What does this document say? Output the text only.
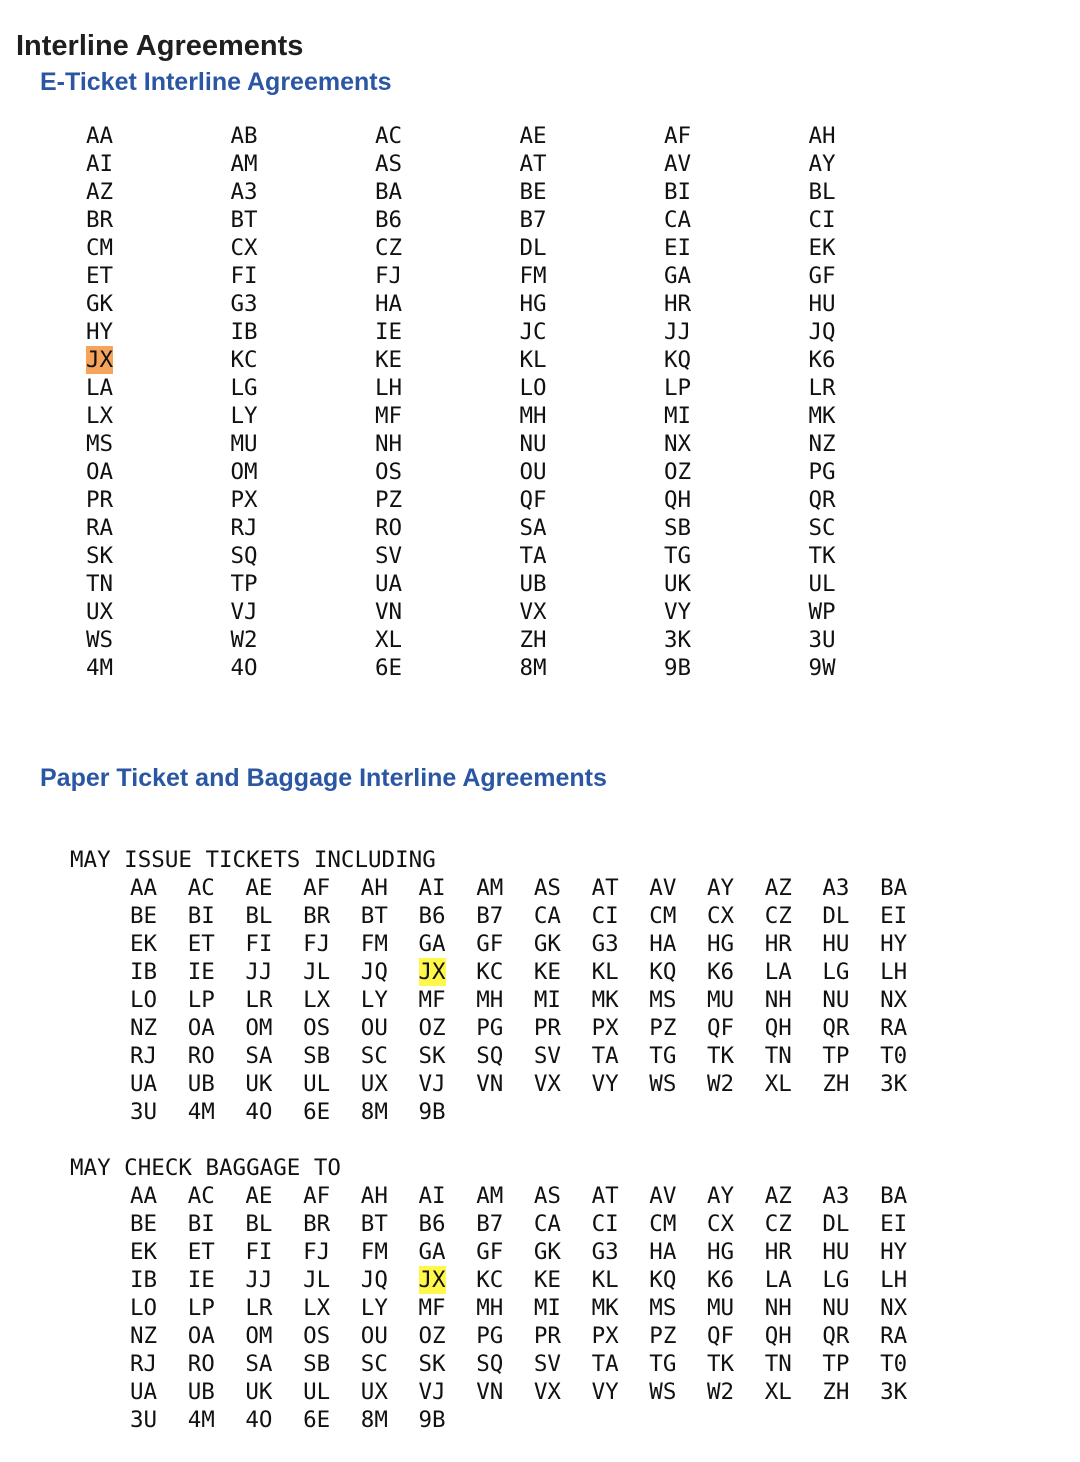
Interline Agreements
E-Ticket Interline Agreements
AA
AI
AZ
BR
CM
ET
GK
HY
JX
LA
LX
MS
OA
PR
RA
SK
TN
UX
WS
4M
AB
AM
A3
BT
CX
FI
G3
IB
KC
LG
LY
MU
OM
PX
RJ
SQ
TP
VJ
W2
4O
AC
AS
BA
B6
CZ
FJ
HA
IE
KE
LH
MF
NH
OS
PZ
RO
SV
UA
VN
XL
6E
AE
AT
BE
B7
DL
FM
HG
JC
KL
LO
MH
NU
OU
QF
SA
TA
UB
VX
ZH
8M
AF
AV
BI
CA
EI
GA
HR
JJ
KQ
LP
MI
NX
OZ
QH
SB
TG
UK
VY
3K
9B
AH
AY
BL
CI
EK
GF
HU
JQ
K6
LR
MK
NZ
PG
QR
SC
TK
UL
WP
3U
9W
Paper Ticket and Baggage Interline Agreements
MAY ISSUE TICKETS INCLUDING
AA AC AE AF AH AI AM AS AT AV AY AZ A3 BA
BE BI BL BR BT B6 B7 CA CI CM CX CZ DL EI
EK ET FI FJ FM GA GF GK G3 HA HG HR HU HY
IB IE JJ JL JQ JX KC KE KL KQ K6 LA LG LH
LO LP LR LX LY MF MH MI MK MS MU NH NU NX
NZ OA OM OS OU OZ PG PR PX PZ QF QH QR RA
RJ RO SA SB SC SK SQ SV TA TG TK TN TP T0
UA UB UK UL UX VJ VN VX VY WS W2 XL ZH 3K
3U 4M 4O 6E 8M 9B
MAY CHECK BAGGAGE TO
AA AC AE AF AH AI AM AS AT AV AY AZ A3 BA
BE BI BL BR BT B6 B7 CA CI CM CX CZ DL EI
EK ET FI FJ FM GA GF GK G3 HA HG HR HU HY
IB IE JJ JL JQ JX KC KE KL KQ K6 LA LG LH
LO LP LR LX LY MF MH MI MK MS MU NH NU NX
NZ OA OM OS OU OZ PG PR PX PZ QF QH QR RA
RJ RO SA SB SC SK SQ SV TA TG TK TN TP T0
UA UB UK UL UX VJ VN VX VY WS W2 XL ZH 3K
3U 4M 4O 6E 8M 9B
